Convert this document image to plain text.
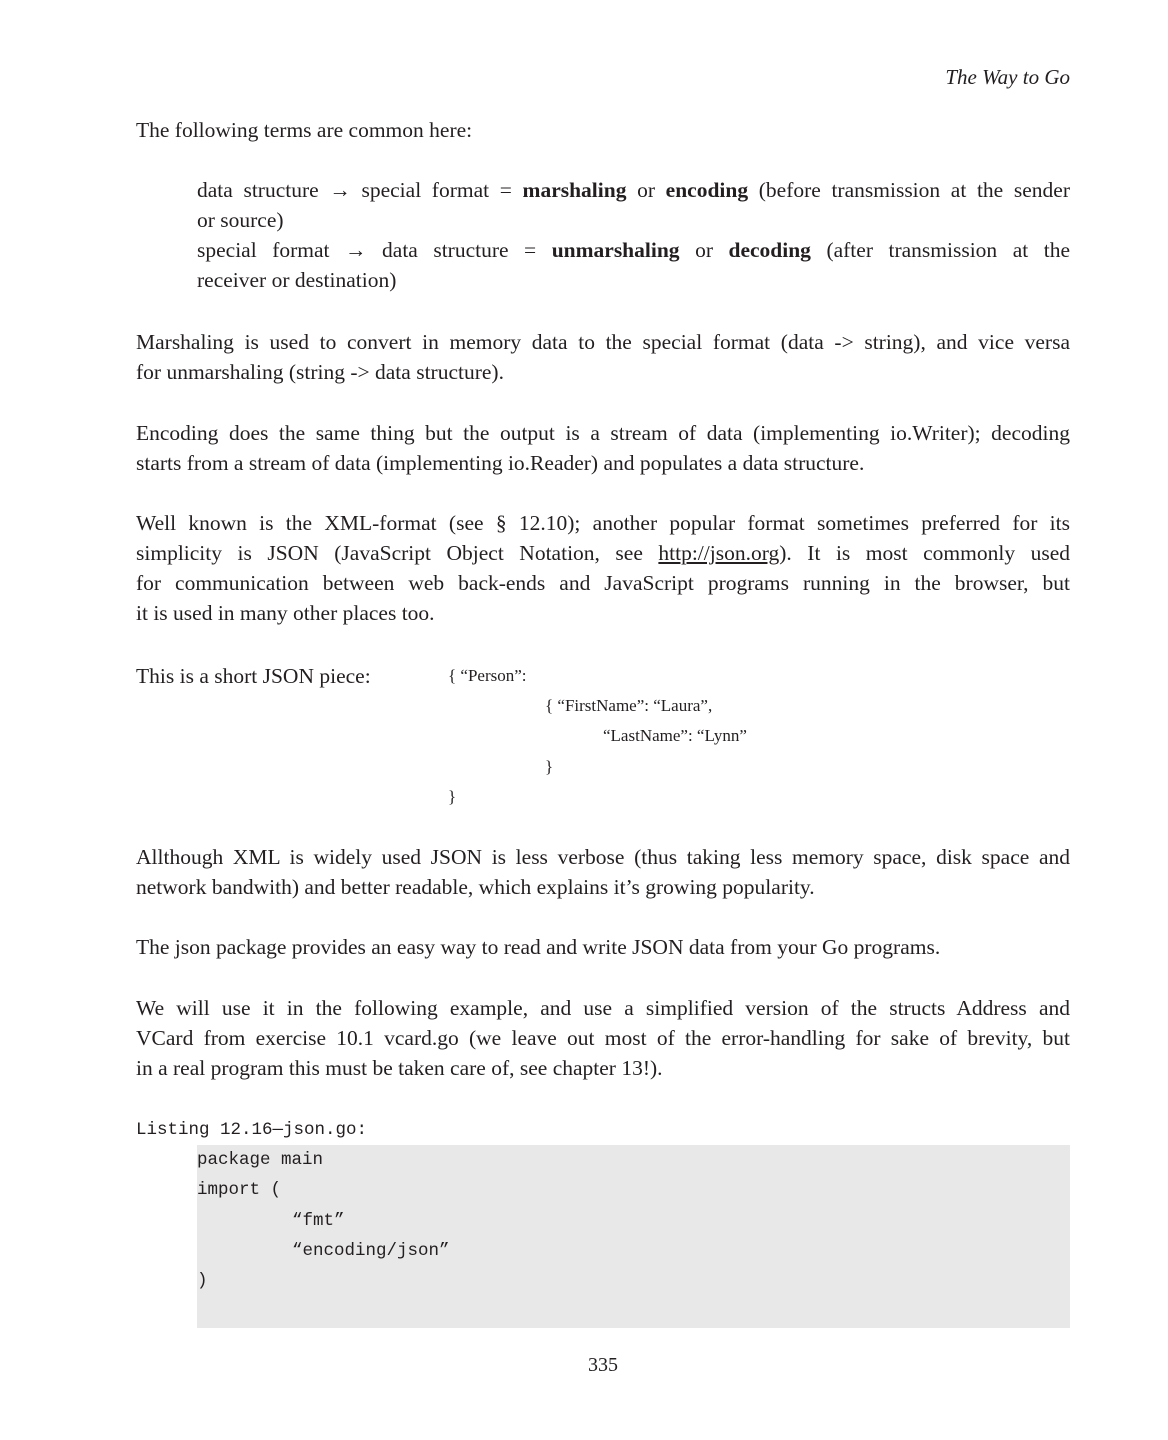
The Way to Go
The following terms are common here:
data structure → special format = marshaling or encoding (before transmission at the sender
or source)
special format → data structure = unmarshaling or decoding (after transmission at the
receiver or destination)
Marshaling is used to convert in memory data to the special format (data -> string), and vice versa
for unmarshaling (string -> data structure).
Encoding does the same thing but the output is a stream of data (implementing io.Writer); decoding
starts from a stream of data (implementing io.Reader) and populates a data structure.
Well known is the XML-format (see § 12.10); another popular format sometimes preferred for its
simplicity is JSON (JavaScript Object Notation, see http://json.org). It is most commonly used
for communication between web back-ends and JavaScript programs running in the browser, but
it is used in many other places too.
Allthough XML is widely used JSON is less verbose (thus taking less memory space, disk space and
network bandwith) and better readable, which explains it’s growing popularity.
The json package provides an easy way to read and write JSON data from your Go programs.
We will use it in the following example, and use a simplified version of the structs Address and
VCard from exercise 10.1 vcard.go (we leave out most of the error-handling for sake of brevity, but
in a real program this must be taken care of, see chapter 13!).
This is a short JSON piece:	{ “Person”:
{ “FirstName”: “Laura”,
“LastName”: “Lynn”
}
}
Listing 12.16—json.go:
package main
import (
“fmt”
“encoding/json”
)
335
